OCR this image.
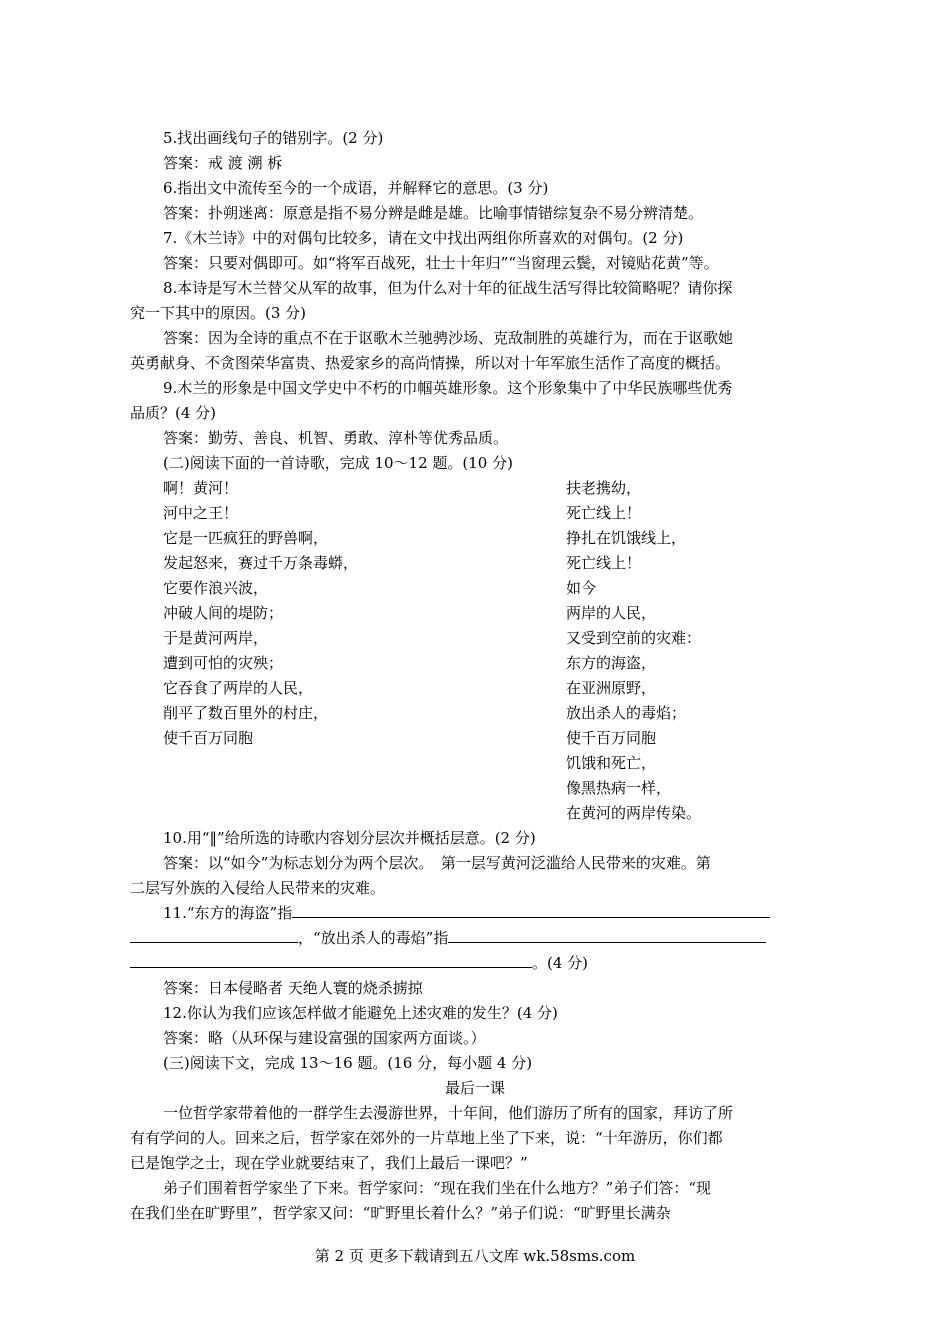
5.找出画线句子的错别字。(2 分)
答案：戒 渡 溯 柝
6.指出文中流传至今的一个成语，并解释它的意思。(3 分)
答案：扑朔迷离：原意是指不易分辨是雌是雄。比喻事情错综复杂不易分辨清楚。
7.《木兰诗》中的对偶句比较多，请在文中找出两组你所喜欢的对偶句。(2 分)
答案：只要对偶即可。如“将军百战死，壮士十年归”“当窗理云鬓，对镜贴花黄”等。
8.本诗是写木兰替父从军的故事，但为什么对十年的征战生活写得比较简略呢？请你探
究一下其中的原因。(3 分)
答案：因为全诗的重点不在于讴歌木兰驰骋沙场、克敌制胜的英雄行为，而在于讴歌她
英勇献身、不贪图荣华富贵、热爱家乡的高尚情操，所以对十年军旅生活作了高度的概括。
9.木兰的形象是中国文学史中不朽的巾帼英雄形象。这个形象集中了中华民族哪些优秀
品质？(4 分)
答案：勤劳、善良、机智、勇敢、淳朴等优秀品质。
(二)阅读下面的一首诗歌，完成 10～12 题。(10 分)
啊！黄河！
河中之王！
它是一匹疯狂的野兽啊，
发起怒来，赛过千万条毒蟒，
它要作浪兴波，
冲破人间的堤防；
于是黄河两岸，
遭到可怕的灾殃；
它吞食了两岸的人民，
削平了数百里外的村庄，
使千百万同胞
扶老携幼，
死亡线上！
挣扎在饥饿线上，
死亡线上！
如今
两岸的人民，
又受到空前的灾难：
东方的海盗，
在亚洲原野，
放出杀人的毒焰；
使千百万同胞
饥饿和死亡，
像黑热病一样，
在黄河的两岸传染。
10.用“‖”给所选的诗歌内容划分层次并概括层意。(2 分)
答案：以“如今”为标志划分为两个层次。　第一层写黄河泛滥给人民带来的灾难。第
二层写外族的入侵给人民带来的灾难。
11.“东方的海盗”指
，“放出杀人的毒焰”指
。(4 分)
答案：日本侵略者 天绝人寰的烧杀掳掠
12.你认为我们应该怎样做才能避免上述灾难的发生？(4 分)
答案：略（从环保与建设富强的国家两方面谈。）
(三)阅读下文，完成 13～16 题。(16 分，每小题 4 分)
最后一课
一位哲学家带着他的一群学生去漫游世界，十年间，他们游历了所有的国家，拜访了所
有有学问的人。回来之后，哲学家在郊外的一片草地上坐了下来，说：“十年游历，你们都
已是饱学之士，现在学业就要结束了，我们上最后一课吧？”
弟子们围着哲学家坐了下来。哲学家问：“现在我们坐在什么地方？”弟子们答：“现
在我们坐在旷野里”，哲学家又问：“旷野里长着什么？”弟子们说：“旷野里长满杂
第 2 页 更多下载请到五八文库 wk.58sms.com
